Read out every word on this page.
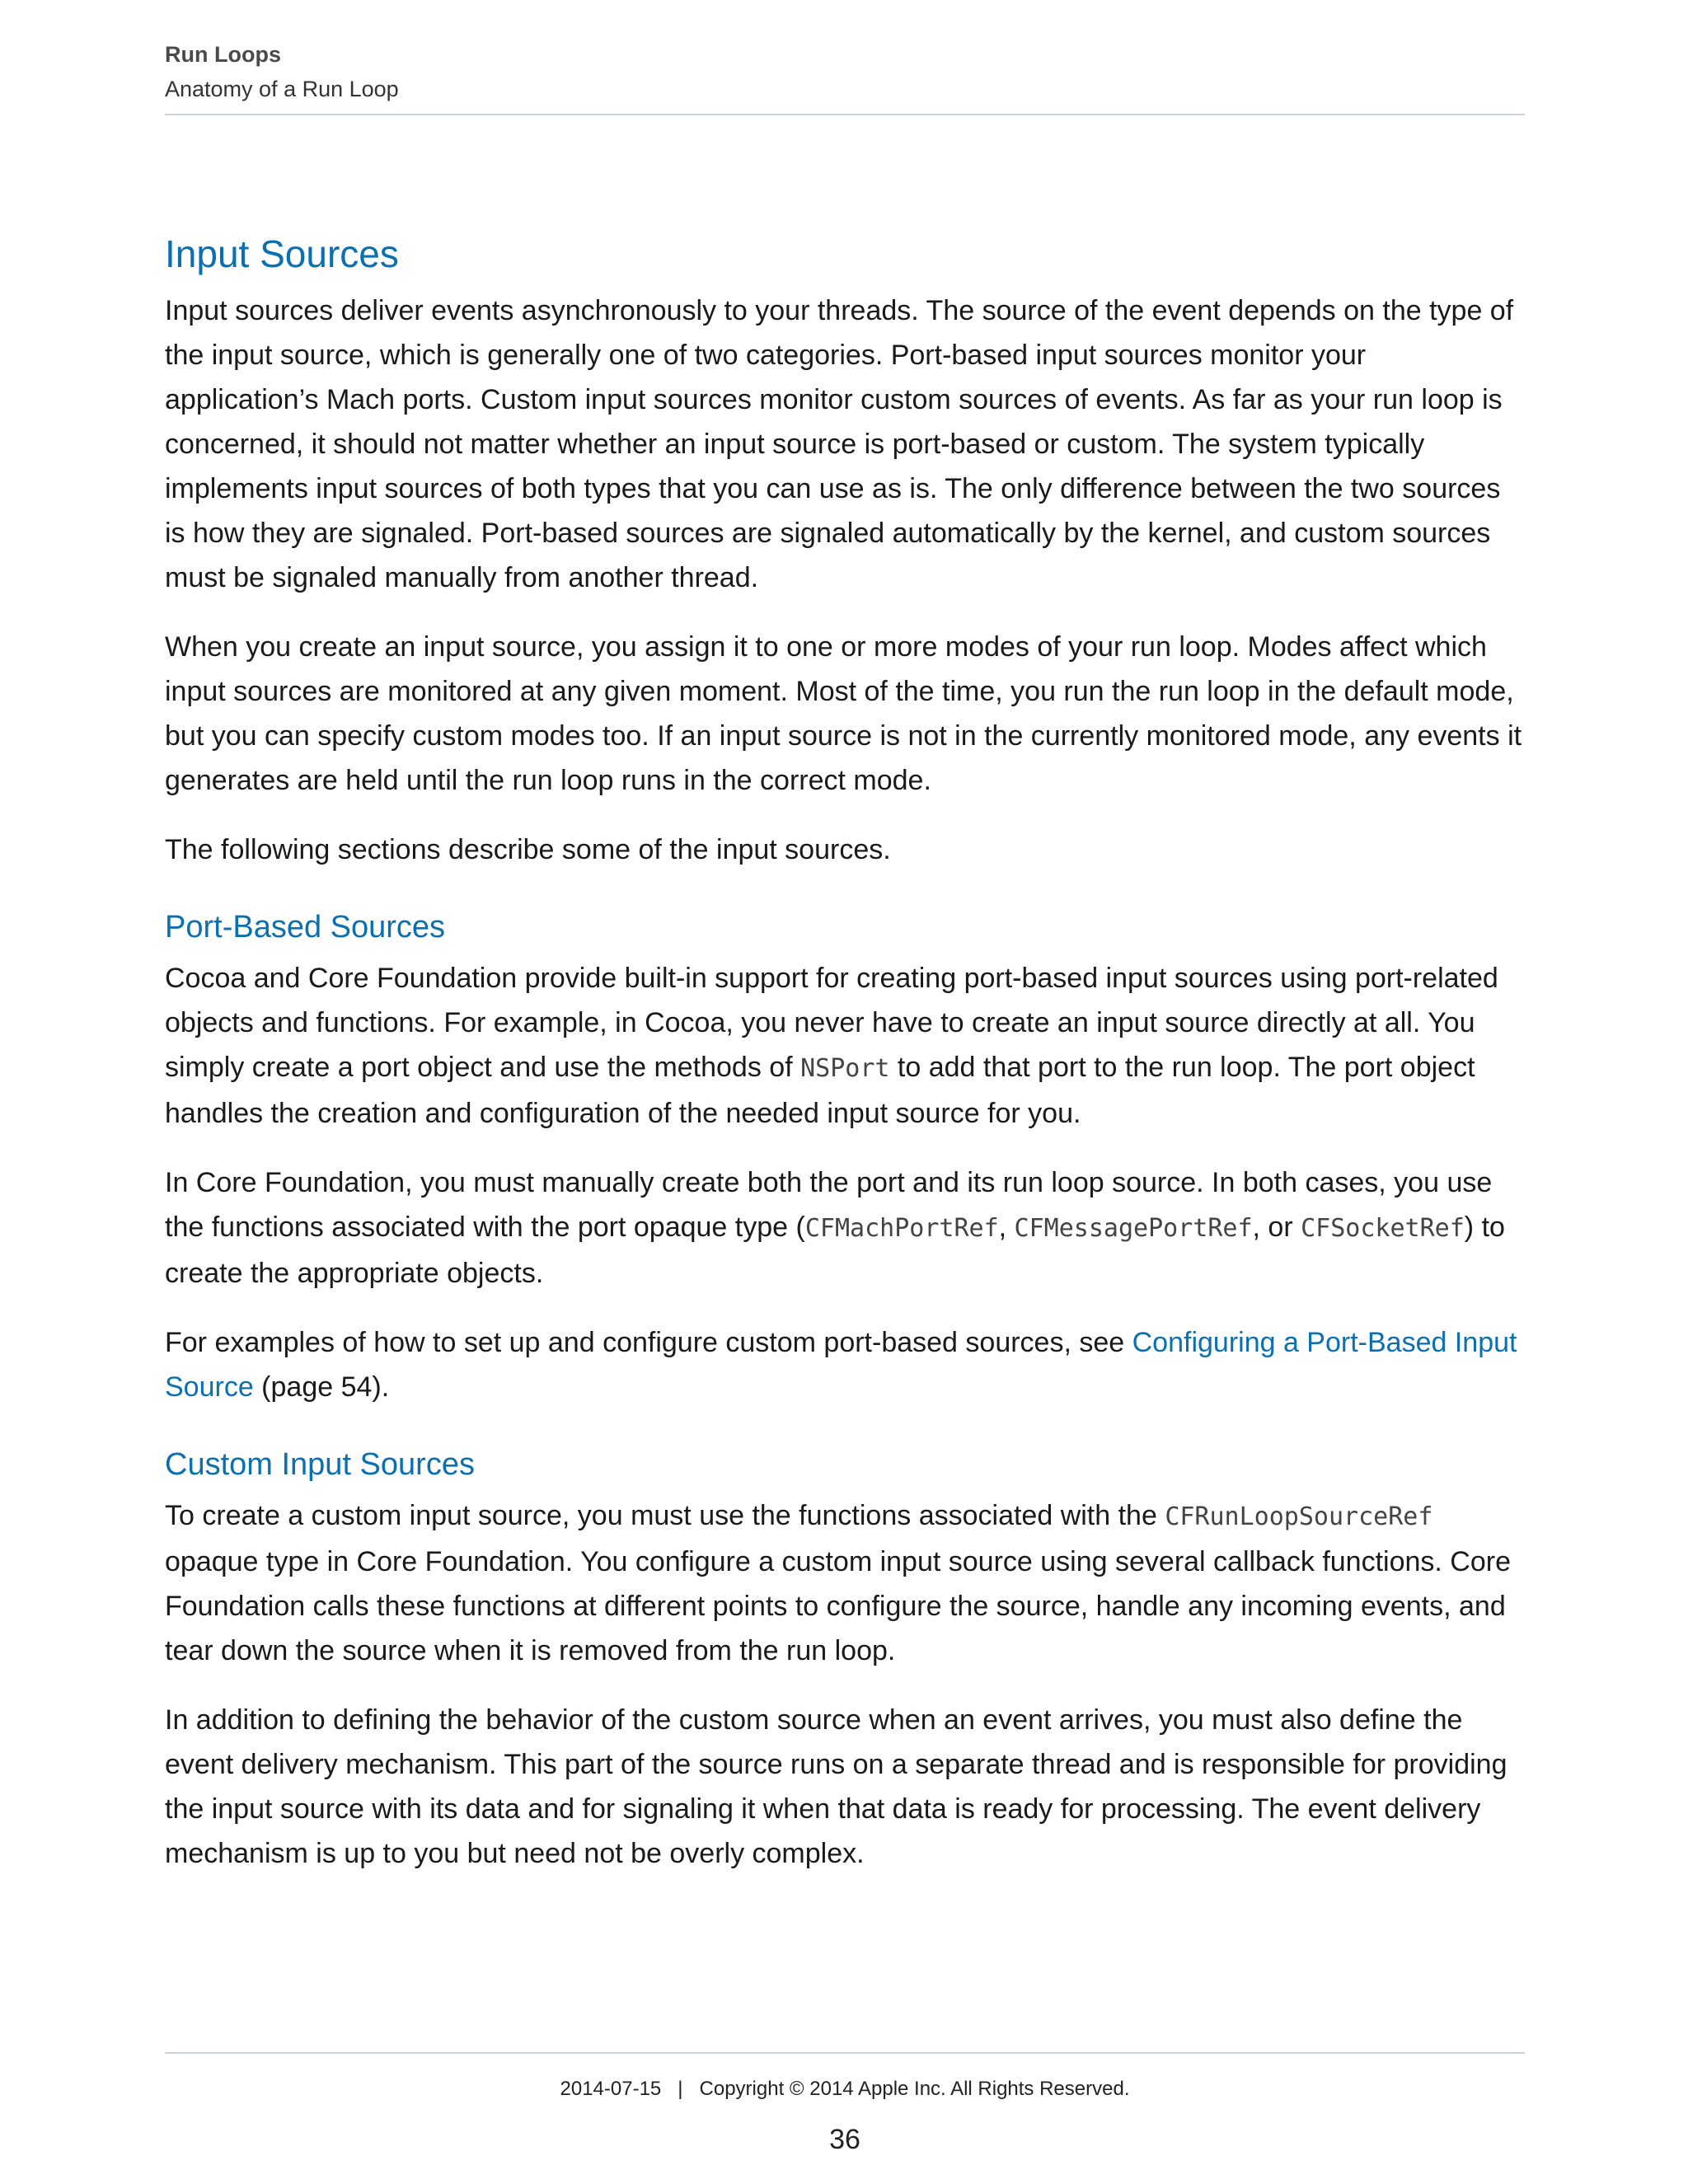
Run Loops
Anatomy of a Run Loop
Input Sources

Input sources deliver events asynchronously to your threads. The source of the event depends on the type of the input source, which is generally one of two categories. Port-based input sources monitor your application’s Mach ports. Custom input sources monitor custom sources of events. As far as your run loop is concerned, it should not matter whether an input source is port-based or custom. The system typically implements input sources of both types that you can use as is. The only difference between the two sources is how they are signaled. Port-based sources are signaled automatically by the kernel, and custom sources must be signaled manually from another thread.

When you create an input source, you assign it to one or more modes of your run loop. Modes affect which input sources are monitored at any given moment. Most of the time, you run the run loop in the default mode, but you can specify custom modes too. If an input source is not in the currently monitored mode, any events it generates are held until the run loop runs in the correct mode.

The following sections describe some of the input sources.

Port-Based Sources

Cocoa and Core Foundation provide built-in support for creating port-based input sources using port-related objects and functions. For example, in Cocoa, you never have to create an input source directly at all. You simply create a port object and use the methods of NSPort to add that port to the run loop. The port object handles the creation and configuration of the needed input source for you.

In Core Foundation, you must manually create both the port and its run loop source. In both cases, you use the functions associated with the port opaque type (CFMachPortRef, CFMessagePortRef, or CFSocketRef) to create the appropriate objects.

For examples of how to set up and configure custom port-based sources, see Configuring a Port-Based Input Source (page 54).

Custom Input Sources

To create a custom input source, you must use the functions associated with the CFRunLoopSourceRef opaque type in Core Foundation. You configure a custom input source using several callback functions. Core Foundation calls these functions at different points to configure the source, handle any incoming events, and tear down the source when it is removed from the run loop.

In addition to defining the behavior of the custom source when an event arrives, you must also define the event delivery mechanism. This part of the source runs on a separate thread and is responsible for providing the input source with its data and for signaling it when that data is ready for processing. The event delivery mechanism is up to you but need not be overly complex.

2014-07-15 | Copyright © 2014 Apple Inc. All Rights Reserved.
36
